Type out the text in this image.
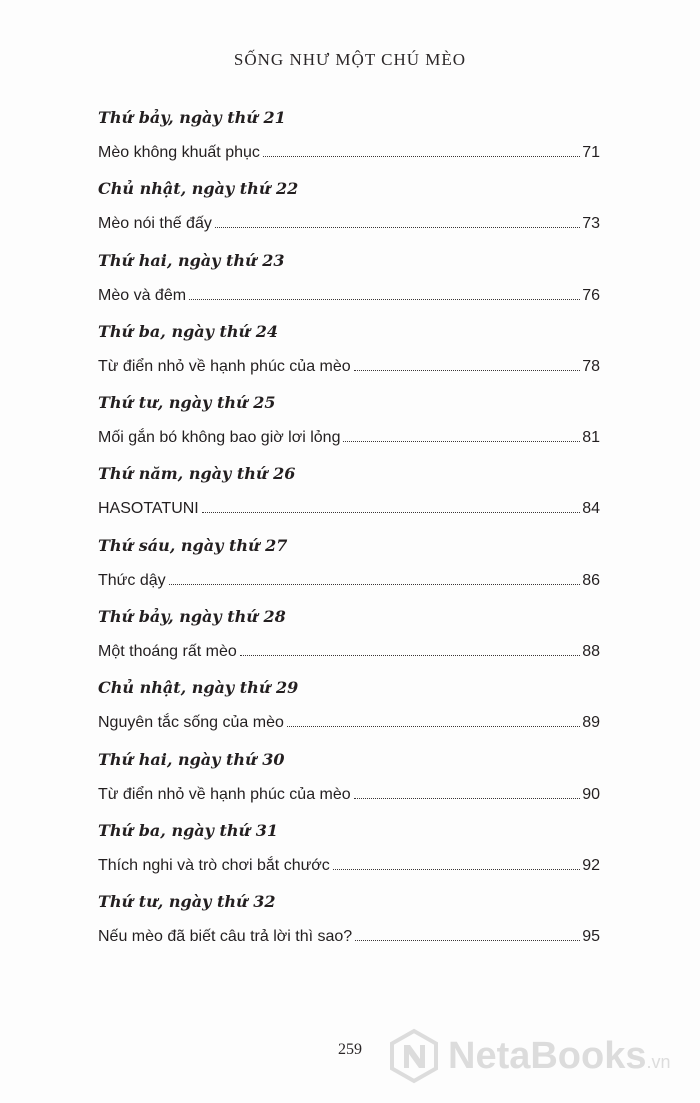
SỐNG NHƯ MỘT CHÚ MÈO
Thứ bảy, ngày thứ 21
Mèo không khuất phục	71
Chủ nhật, ngày thứ 22
Mèo nói thế đấy	73
Thứ hai, ngày thứ 23
Mèo và đêm	76
Thứ ba, ngày thứ 24
Từ điển nhỏ về hạnh phúc của mèo	78
Thứ tư, ngày thứ 25
Mối gắn bó không bao giờ lơi lỏng	81
Thứ năm, ngày thứ 26
HASOTATUNI	84
Thứ sáu, ngày thứ 27
Thức dậy	86
Thứ bảy, ngày thứ 28
Một thoáng rất mèo	88
Chủ nhật, ngày thứ 29
Nguyên tắc sống của mèo	89
Thứ hai, ngày thứ 30
Từ điển nhỏ về hạnh phúc của mèo	90
Thứ ba, ngày thứ 31
Thích nghi và trò chơi bắt chước	92
Thứ tư, ngày thứ 32
Nếu mèo đã biết câu trả lời thì sao?	95
259	NetaBooks.vn
